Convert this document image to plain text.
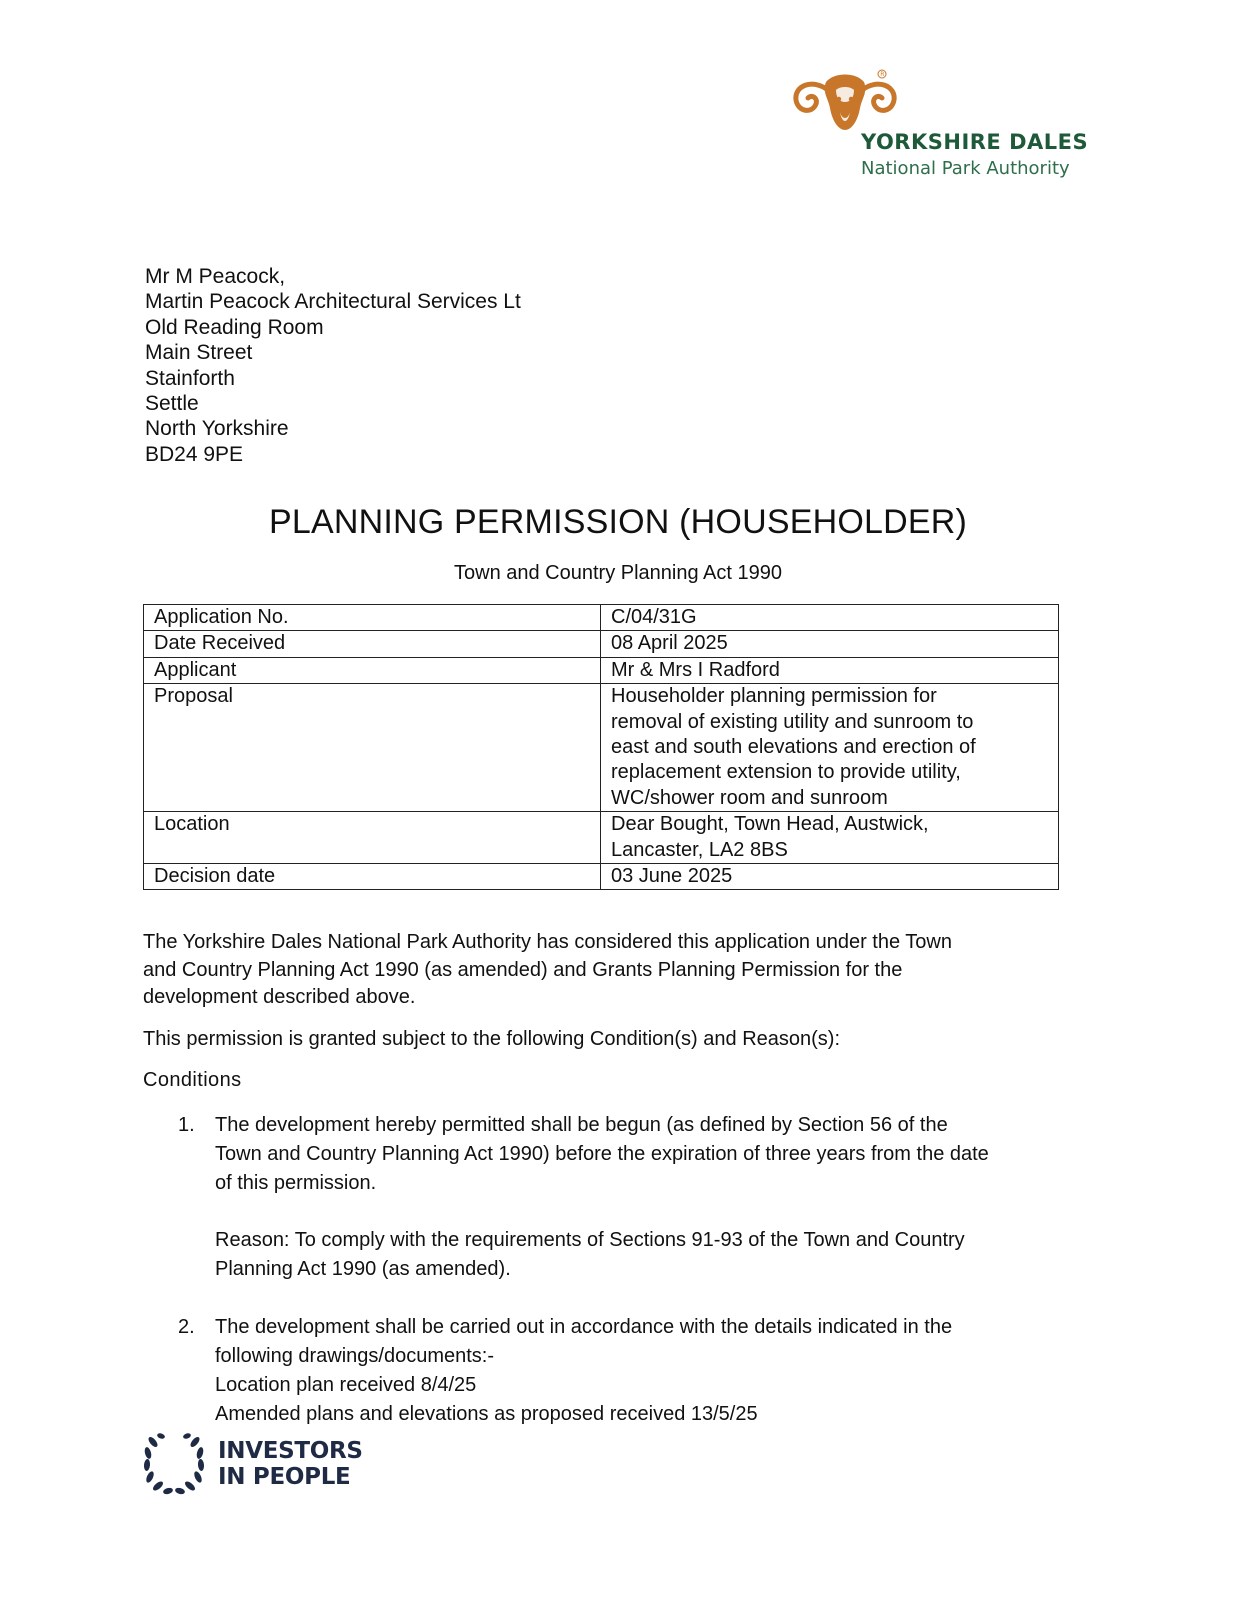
R
YORKSHIRE DALES
National Park Authority
Mr M Peacock,
Martin Peacock Architectural Services Lt
Old Reading Room
Main Street
Stainforth
Settle
North Yorkshire
BD24 9PE
PLANNING PERMISSION (HOUSEHOLDER)
Town and Country Planning Act 1990
Application No.	C/04/31G
Date Received	08 April 2025
Applicant	Mr & Mrs I Radford
Proposal	Householder planning permission for
removal of existing utility and sunroom to
east and south elevations and erection of
replacement extension to provide utility,
WC/shower room and sunroom

Location	Dear Bought, Town Head, Austwick,
Lancaster, LA2 8BS

Decision date	03 June 2025
The Yorkshire Dales National Park Authority has considered this application under the Town
and Country Planning Act 1990 (as amended) and Grants Planning Permission for the
development described above.
This permission is granted subject to the following Condition(s) and Reason(s):
Conditions
1. The development hereby permitted shall be begun (as defined by Section 56 of the
Town and Country Planning Act 1990) before the expiration of three years from the date
of this permission.
Reason: To comply with the requirements of Sections 91-93 of the Town and Country
Planning Act 1990 (as amended).
2. The development shall be carried out in accordance with the details indicated in the
following drawings/documents:-
Location plan received 8/4/25
Amended plans and elevations as proposed received 13/5/25
INVESTORS
IN PEOPLE
